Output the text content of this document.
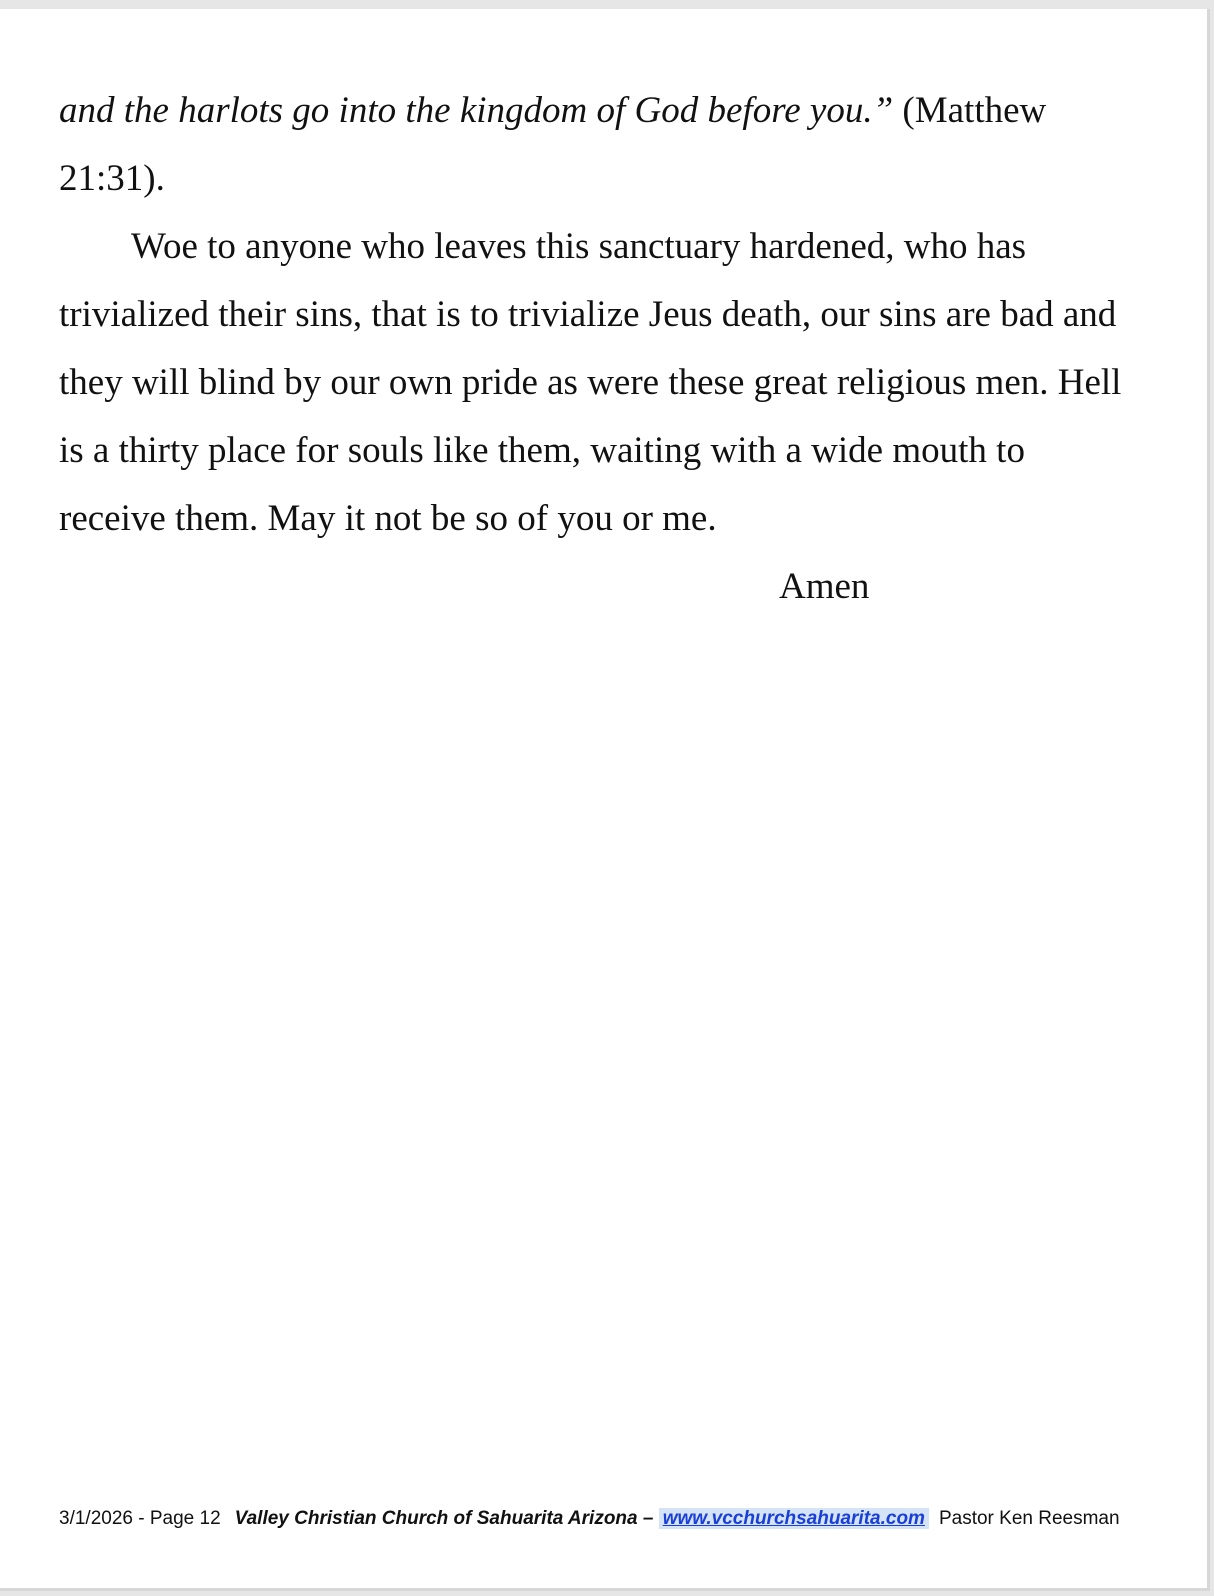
and the harlots go into the kingdom of God before you.” (Matthew 21:31).

Woe to anyone who leaves this sanctuary hardened, who has trivialized their sins, that is to trivialize Jeus death, our sins are bad and they will blind by our own pride as were these great religious men. Hell is a thirty place for souls like them, waiting with a wide mouth to receive them. May it not be so of you or me.

Amen

3/1/2026 - Page 12 Valley Christian Church of Sahuarita Arizona – www.vcchurchsahuarita.com Pastor Ken Reesman
